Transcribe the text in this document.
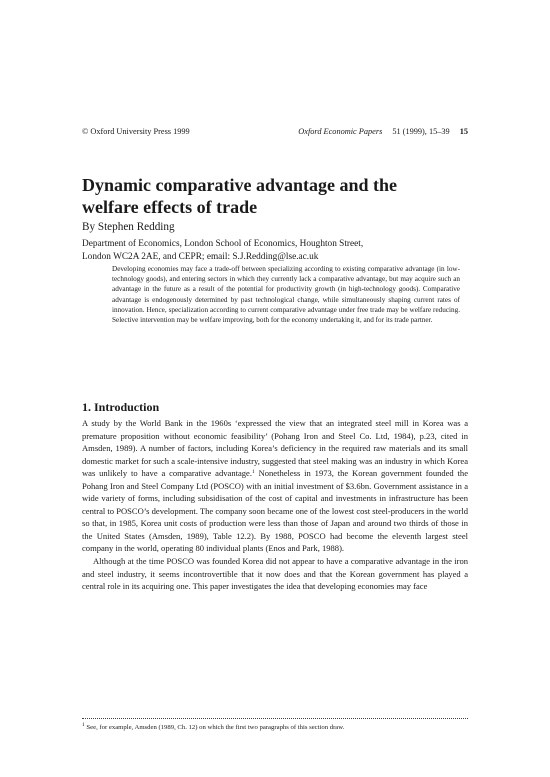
© Oxford University Press 1999	Oxford Economic Papers 51 (1999), 15–39 15
Dynamic comparative advantage and the
welfare effects of trade
By Stephen Redding
Department of Economics, London School of Economics, Houghton Street,
London WC2A 2AE, and CEPR; email: S.J.Redding@lse.ac.uk

Developing economies may face a trade-off between specializing according to existing comparative advantage (in low-technology goods), and entering sectors in which they currently lack a comparative advantage, but may acquire such an advantage in the future as a result of the potential for productivity growth (in high-technology goods). Comparative advantage is endogenously determined by past technological change, while simultaneously shaping current rates of innovation. Hence, specialization according to current comparative advantage under free trade may be welfare reducing. Selective intervention may be welfare improving, both for the economy undertaking it, and for its trade partner.

1. Introduction

A study by the World Bank in the 1960s ‘expressed the view that an integrated steel mill in Korea was a premature proposition without economic feasibility’ (Pohang Iron and Steel Co. Ltd, 1984), p.23, cited in Amsden, 1989). A number of factors, including Korea’s deficiency in the required raw materials and its small domestic market for such a scale-intensive industry, suggested that steel making was an industry in which Korea was unlikely to have a comparative advantage.$^1$ Nonetheless in 1973, the Korean government founded the Pohang Iron and Steel Company Ltd (POSCO) with an initial investment of $3.6bn. Government assistance in a wide variety of forms, including subsidisation of the cost of capital and investments in infrastructure has been central to POSCO’s development. The company soon became one of the lowest cost steel-producers in the world so that, in 1985, Korea unit costs of production were less than those of Japan and around two thirds of those in the United States (Amsden, 1989), Table 12.2). By 1988, POSCO had become the eleventh largest steel company in the world, operating 80 individual plants (Enos and Park, 1988).

Although at the time POSCO was founded Korea did not appear to have a comparative advantage in the iron and steel industry, it seems incontrovertible that it now does and that the Korean government has played a central role in its acquiring one. This paper investigates the idea that developing economies may face

$^1$ See, for example, Amsden (1989, Ch. 12) on which the first two paragraphs of this section draw.
